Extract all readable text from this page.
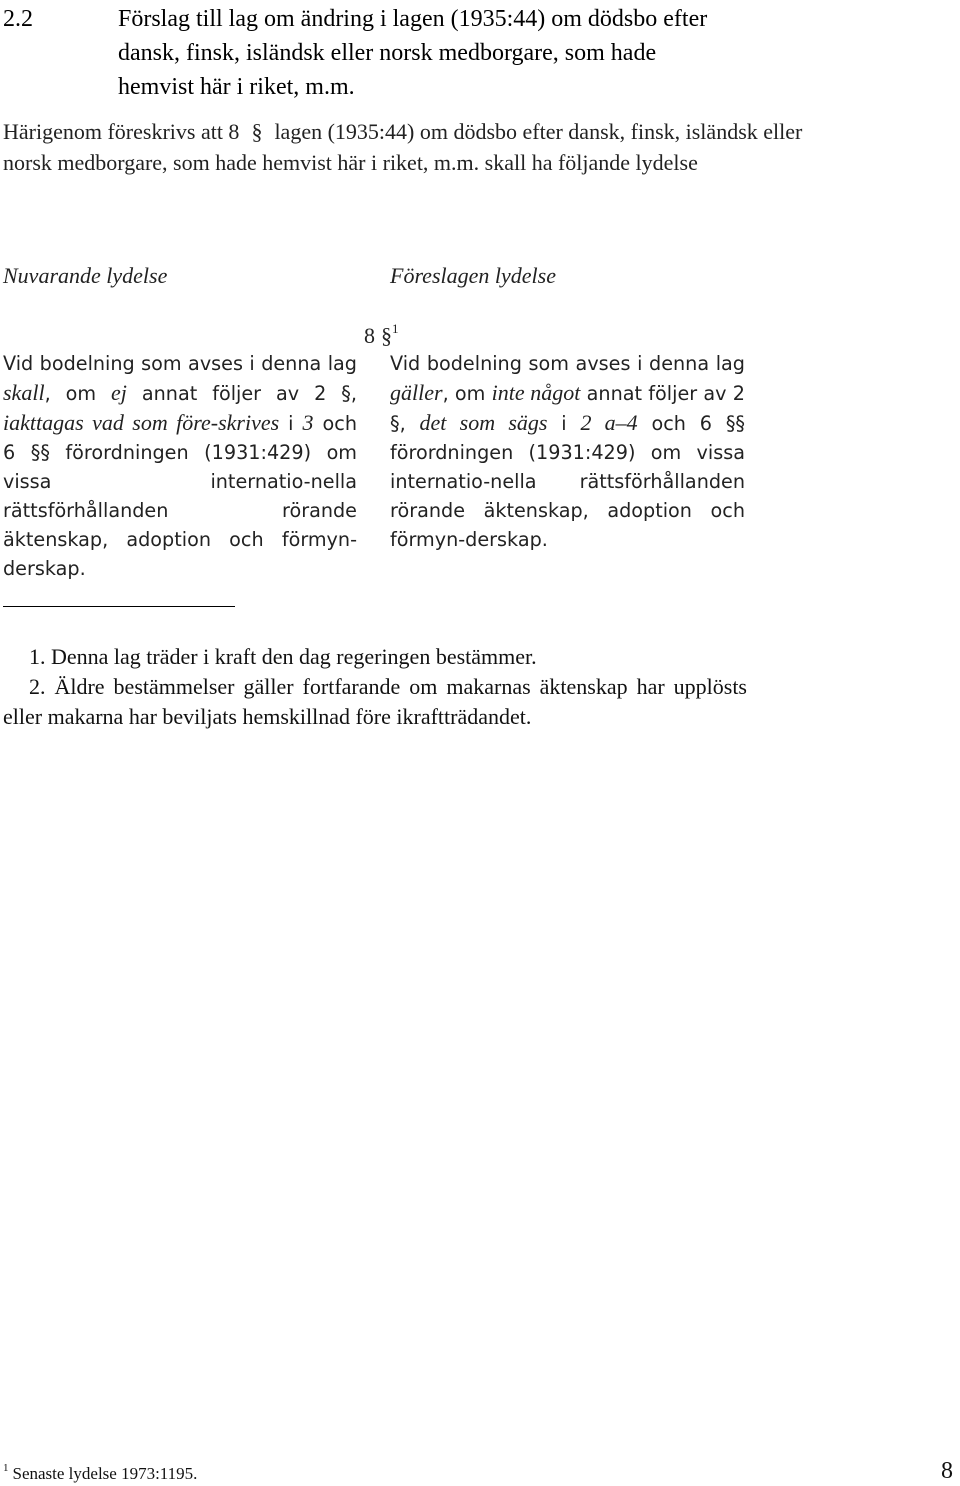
2.2	Förslag till lag om ändring i lagen (1935:44) om dödsbo efter dansk, finsk, isländsk eller norsk medborgare, som hade hemvist här i riket, m.m.
Härigenom föreskrivs att 8 § lagen (1935:44) om dödsbo efter dansk, finsk, isländsk eller norsk medborgare, som hade hemvist här i riket, m.m. skall ha följande lydelse
Nuvarande lydelse	Föreslagen lydelse
8 §$^1$
Vid bodelning som avses i denna lag skall, om ej annat följer av 2 §, iakttagas vad som före-skrives i 3 och 6 §§ förordningen (1931:429) om vissa internatio-nella rättsförhållanden rörande äktenskap, adoption och förmyn-derskap.
Vid bodelning som avses i denna lag gäller, om inte något annat följer av 2 §, det som sägs i 2 a–4 och 6 §§ förordningen (1931:429) om vissa internatio-nella rättsförhållanden rörande äktenskap, adoption och förmyn-derskap.

1. Denna lag träder i kraft den dag regeringen bestämmer.

2. Äldre bestämmelser gäller fortfarande om makarnas äktenskap har upplösts eller makarna har beviljats hemskillnad före ikraftträdandet.

$^1$ Senaste lydelse 1973:1195.	8
